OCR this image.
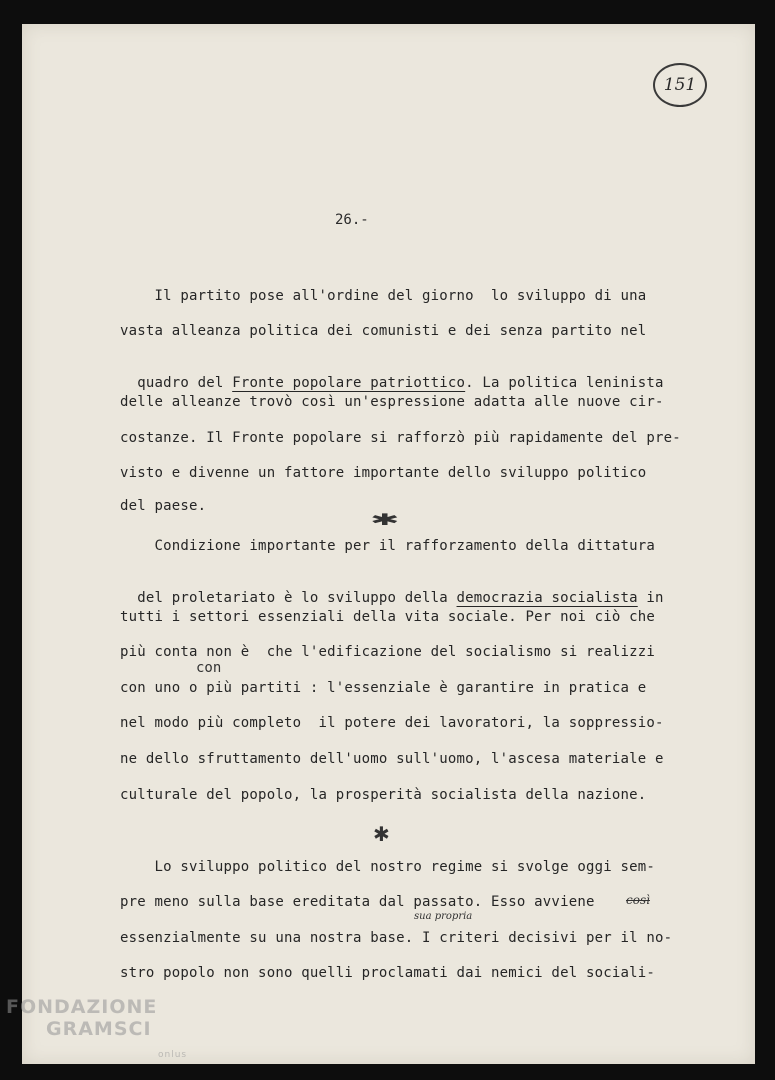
151
26.-
Il partito pose all'ordine del giorno  lo sviluppo di una
vasta alleanza politica dei comunisti e dei senza partito nel

quadro del Fronte popolare patriottico. La politica leninista

delle alleanze trovò così un'espressione adatta alle nuove cir-
costanze. Il Fronte popolare si rafforzò più rapidamente del pre-
visto e divenne un fattore importante dello sviluppo politico
del paese.
✱
Condizione importante per il rafforzamento della dittatura

del proletariato è lo sviluppo della democrazia socialista in

tutti i settori essenziali della vita sociale. Per noi ciò che
più conta non è  che l'edificazione del socialismo si realizzi
con
con uno o più partiti : l'essenziale è garantire in pratica e
nel modo più completo  il potere dei lavoratori, la soppressio-
ne dello sfruttamento dell'uomo sull'uomo, l'ascesa materiale e
culturale del popolo, la prosperità socialista della nazione.
✱
Lo sviluppo politico del nostro regime si svolge oggi sem-
pre meno sulla base ereditata dal passato. Esso avviene	così
sua propria
essenzialmente su una nostra base. I criteri decisivi per il no-
stro popolo non sono quelli proclamati dai nemici del sociali-
FONDAZIONE
GRAMSCI
onlus
